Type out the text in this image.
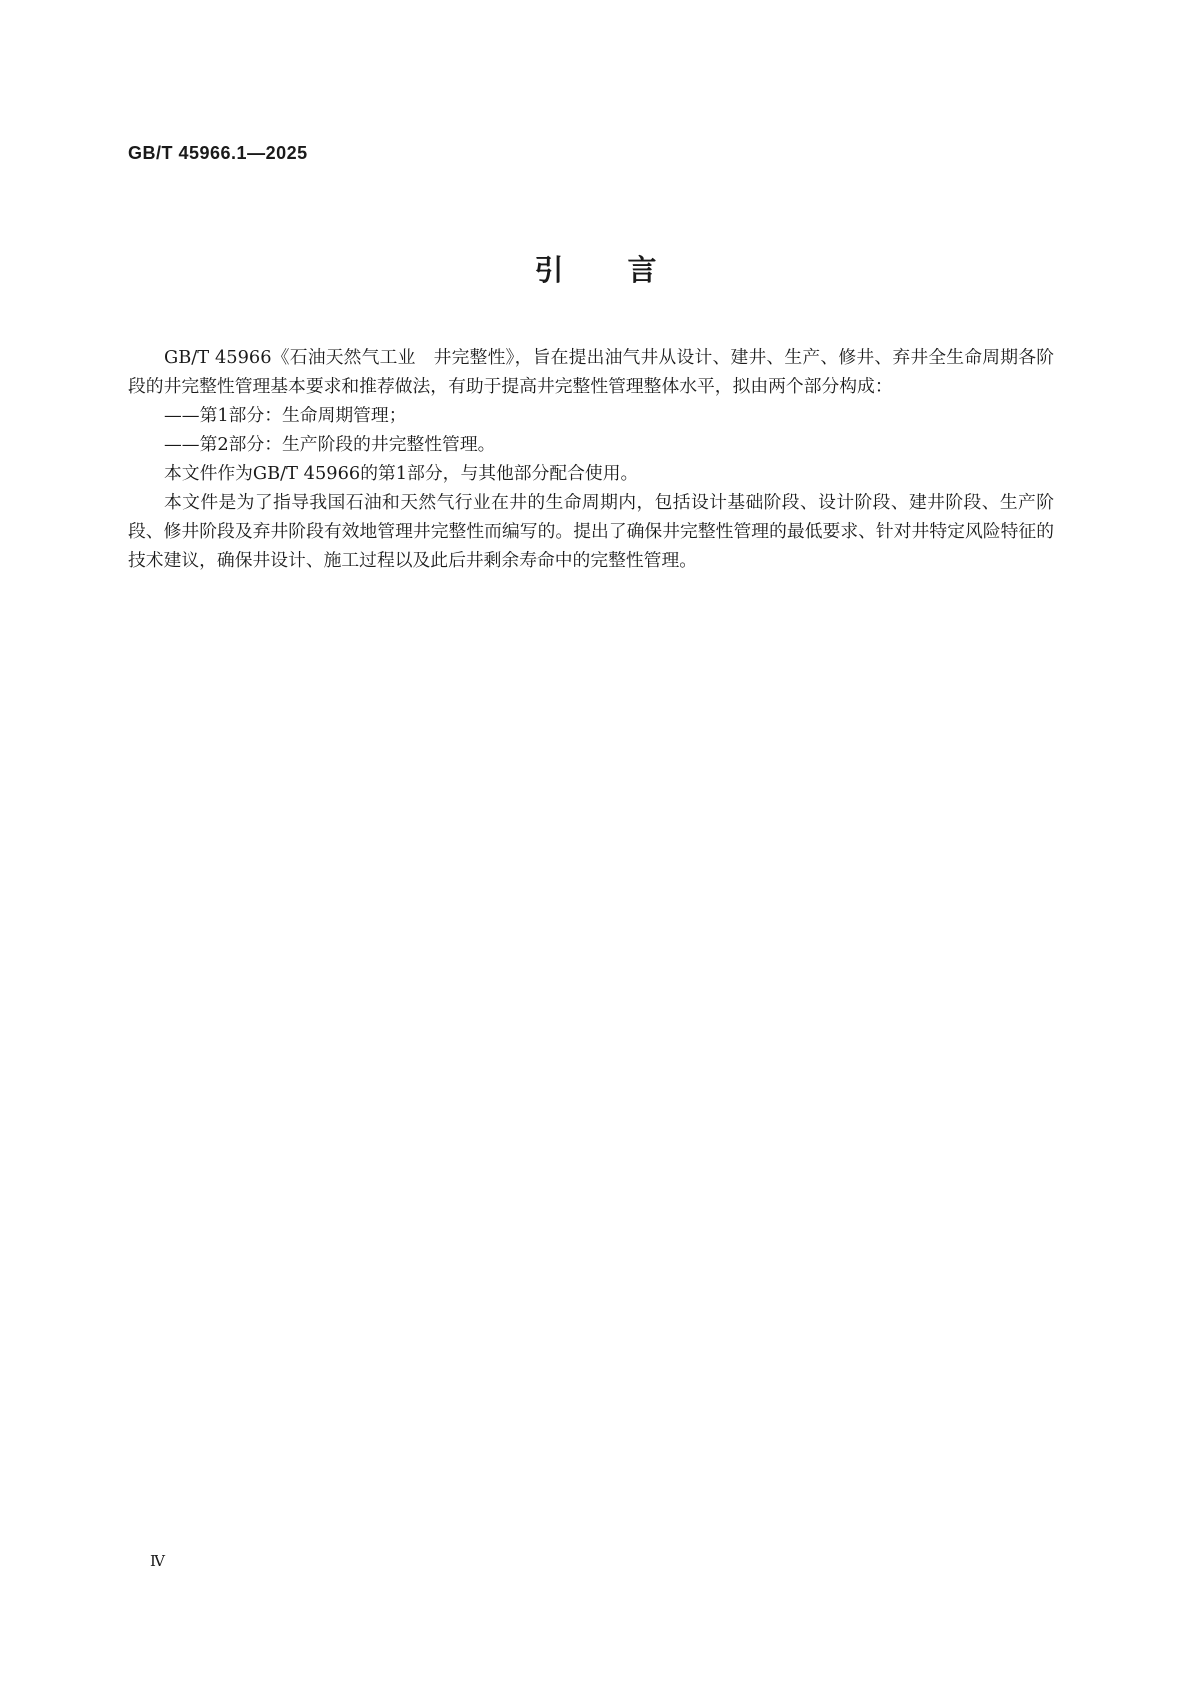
GB/T 45966.1—2025
引言

GB/T 45966《石油天然气工业　井完整性》，旨在提出油气井从设计、建井、生产、修井、弃井全生命周期各阶段的井完整性管理基本要求和推荐做法，有助于提高井完整性管理整体水平，拟由两个部分构成：

——第1部分：生命周期管理；

——第2部分：生产阶段的井完整性管理。

本文件作为GB/T 45966的第1部分，与其他部分配合使用。

本文件是为了指导我国石油和天然气行业在井的生命周期内，包括设计基础阶段、设计阶段、建井阶段、生产阶段、修井阶段及弃井阶段有效地管理井完整性而编写的。提出了确保井完整性管理的最低要求、针对井特定风险特征的技术建议，确保井设计、施工过程以及此后井剩余寿命中的完整性管理。

Ⅳ
